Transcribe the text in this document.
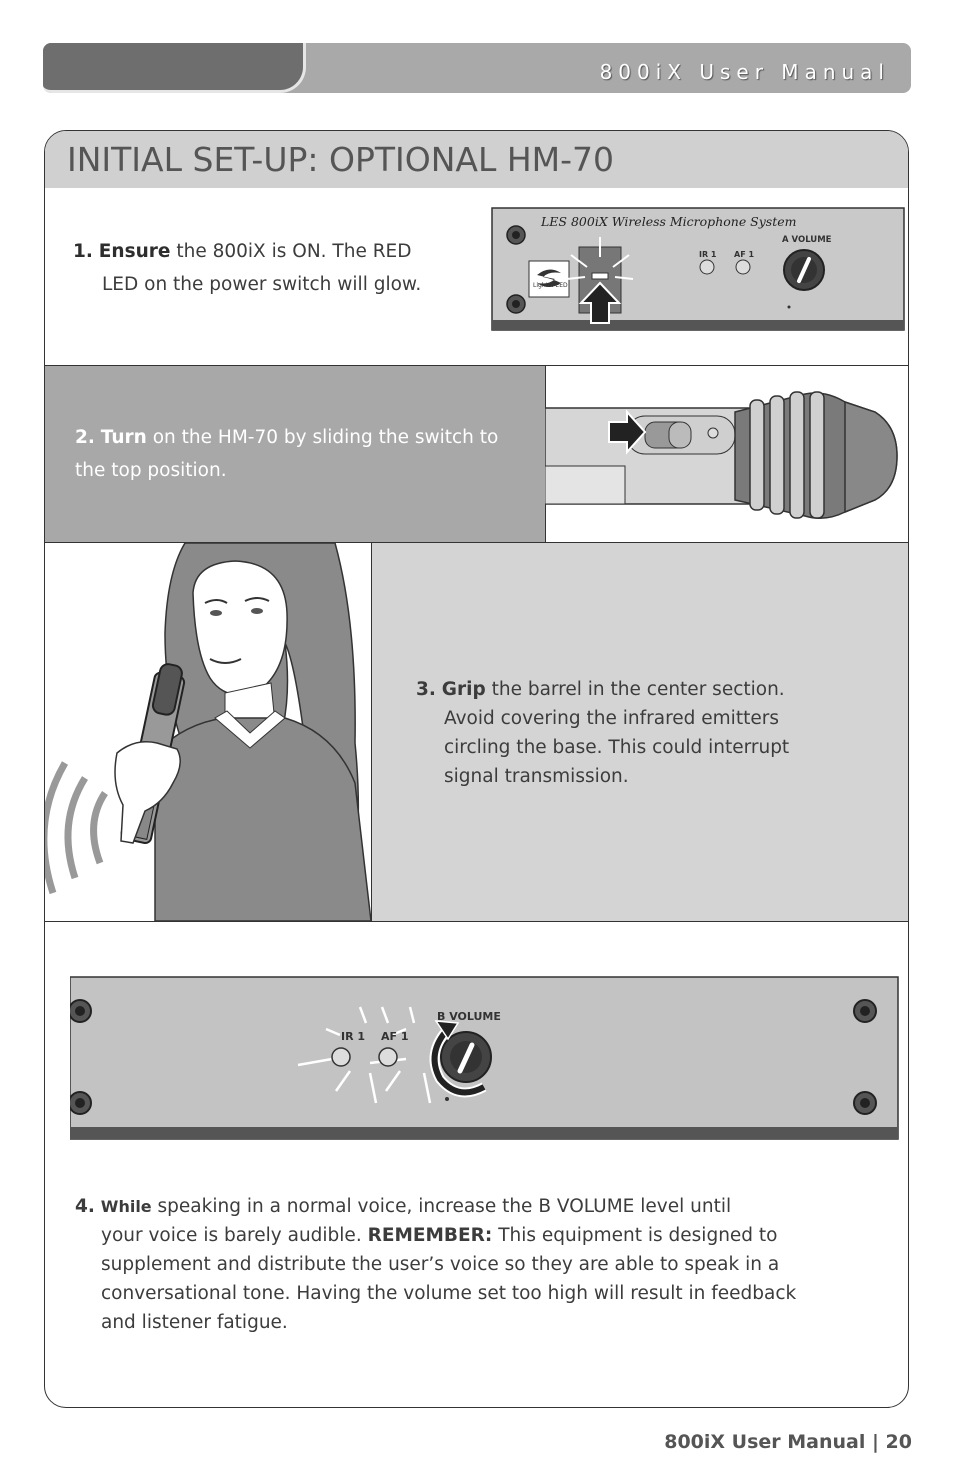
800iX User Manual
INITIAL SET-UP: OPTIONAL HM-70
1. Ensure the 800iX is ON. The RED
LED on the power switch will glow.
LES 800iX Wireless Microphone System
LightSPEED
IR 1 AF 1
A VOLUME
2. Turn on the HM-70 by sliding the switch to
the top position.
3. Grip the barrel in the center section.
Avoid covering the infrared emitters
circling the base. This could interrupt
signal transmission.
IR 1 AF 1
B VOLUME
4. While speaking in a normal voice, increase the B VOLUME level until
your voice is barely audible. REMEMBER: This equipment is designed to
supplement and distribute the user’s voice so they are able to speak in a
conversational tone. Having the volume set too high will result in feedback
and listener fatigue.
800iX User Manual | 20
